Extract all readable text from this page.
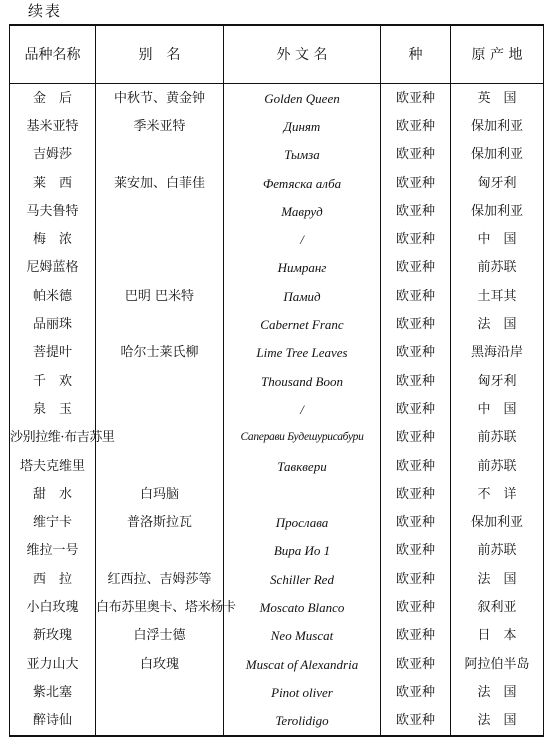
续表
品种名称	别　名	外 文 名	种	原 产 地
金　后	中秋节、黄金钟	Golden Queen	欧亚种	英　国
基米亚特	季米亚特	Динят	欧亚种	保加利亚
吉姆莎		Тымза	欧亚种	保加利亚
莱　西	莱安加、白菲佳	Фетяска алба	欧亚种	匈牙利
马夫鲁特		Мавруд	欧亚种	保加利亚
梅　浓		/	欧亚种	中　国
尼姆蓝格		Нимранг	欧亚种	前苏联
帕米德	巴明 巴米特	Памид	欧亚种	土耳其
品丽珠		Cabernet Franc	欧亚种	法　国
菩提叶	哈尔士莱氏柳	Lime Tree Leaves	欧亚种	黑海沿岸
千　欢		Thousand Boon	欧亚种	匈牙利
泉　玉		/	欧亚种	中　国
沙别拉维·布吉苏里		Саперави Будешурисабури	欧亚种	前苏联
塔夫克维里		Тавквери	欧亚种	前苏联
甜　水	白玛脑		欧亚种	不　详
维宁卡	普洛斯拉瓦	Прослава	欧亚种	保加利亚
维拉一号		Вира Ио 1	欧亚种	前苏联
西　拉	红西拉、吉姆莎等	Schiller Red	欧亚种	法　国
小白玫瑰	白布苏里奥卡、塔米杨卡	Moscato Blanco	欧亚种	叙利亚
新玫瑰	白浮士德	Neo Muscat	欧亚种	日　本
亚力山大	白玫瑰	Muscat of Alexandria	欧亚种	阿拉伯半岛
紫北塞		Pinot oliver	欧亚种	法　国
醉诗仙		Terolidigo	欧亚种	法　国
